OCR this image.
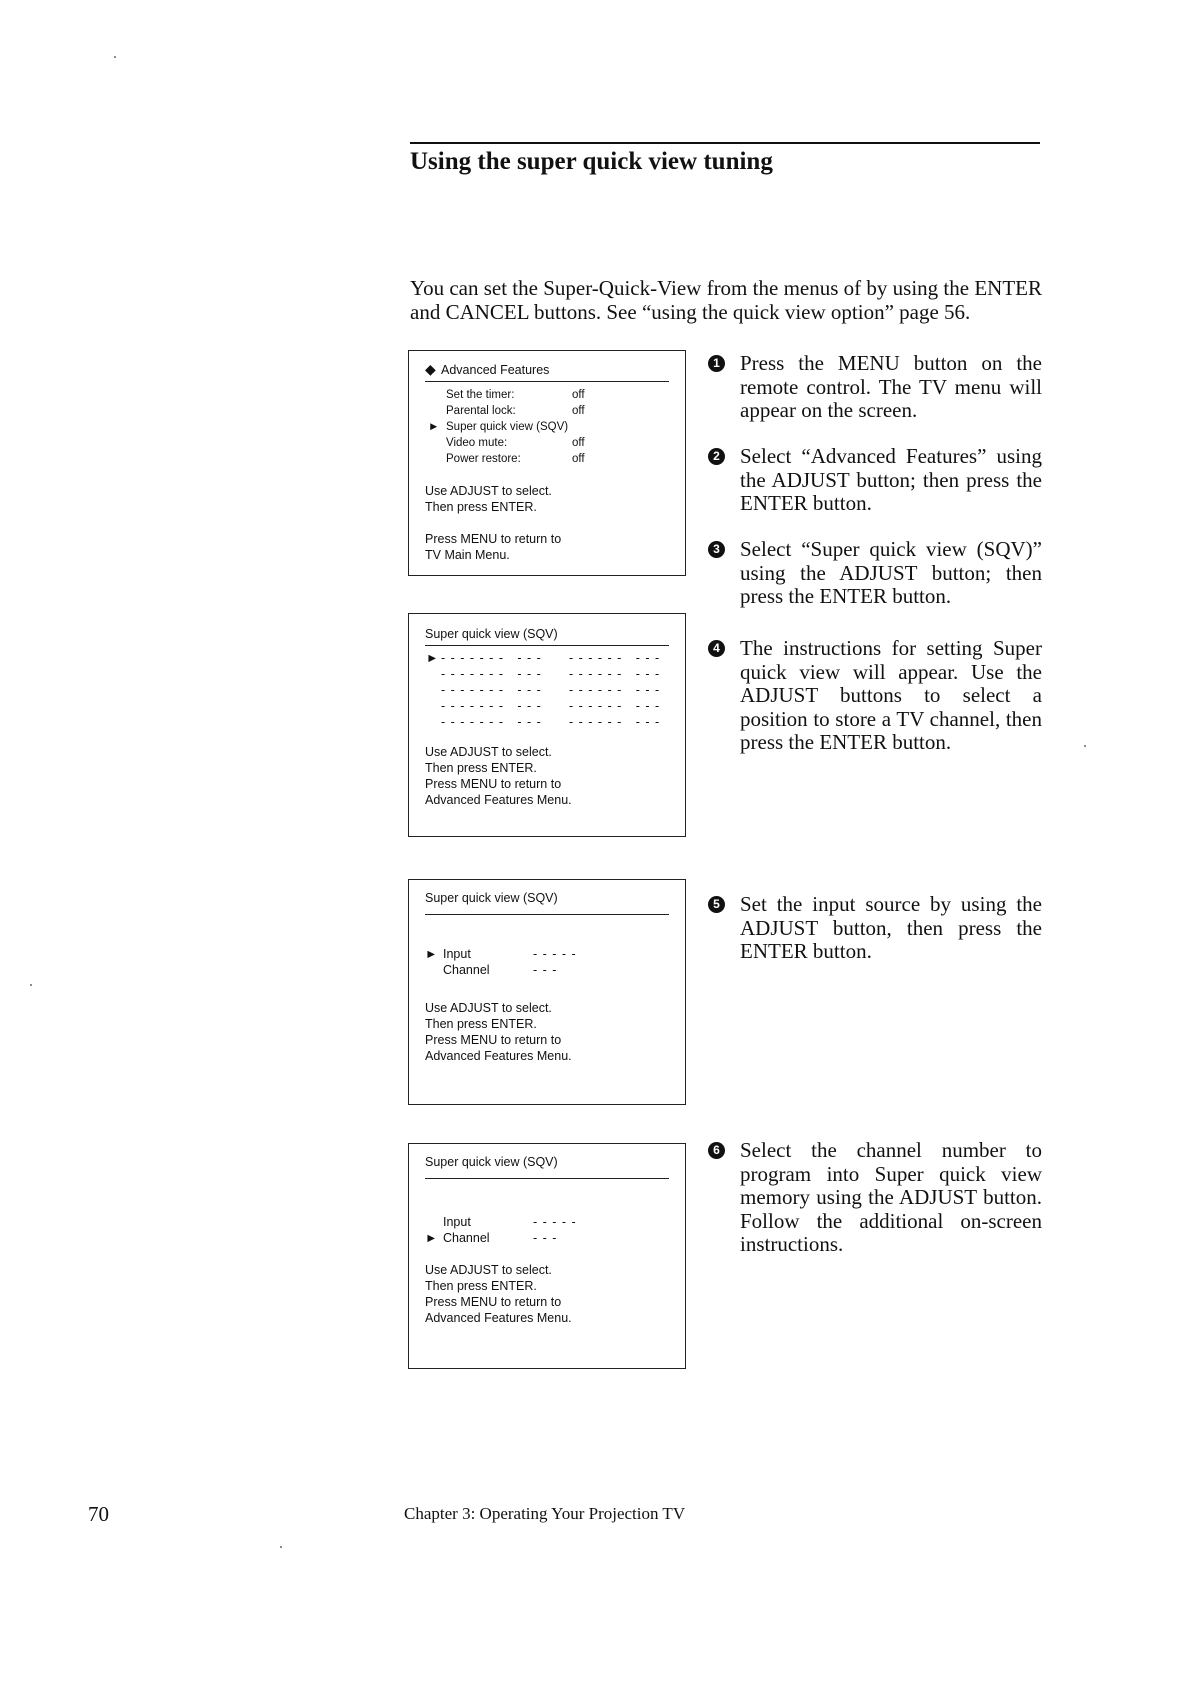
Using the super quick view tuning
You can set the Super-Quick-View from the menus of by using the ENTER and CANCEL buttons. See “using the quick view option” page 56.
◆ Advanced Features
Set the timer:	off
Parental lock:	off
► Super quick view (SQV)
Video mute:	off
Power restore:	off
Use ADJUST to select.
Then press ENTER.
Press MENU to return to
TV Main Menu.
Super quick view (SQV)
► - - - - - - -   - - - - - - - - -   - - -
- - - - - - -   - - - - - - - - -   - - -
- - - - - - -   - - - - - - - - -   - - -
- - - - - - -   - - - - - - - - -   - - -
- - - - - - -   - - - - - - - - -   - - -
Use ADJUST to select.
Then press ENTER.
Press MENU to return to
Advanced Features Menu.
Super quick view (SQV)
► Input	- - - - -
Channel	- - -
Use ADJUST to select.
Then press ENTER.
Press MENU to return to
Advanced Features Menu.
Super quick view (SQV)
Input	- - - - -
► Channel	- - -
Use ADJUST to select.
Then press ENTER.
Press MENU to return to
Advanced Features Menu.
1 Press the MENU button on the remote control. The TV menu will appear on the screen.
2 Select “Advanced Features” using the ADJUST button; then press the ENTER button.
3 Select “Super quick view (SQV)” using the ADJUST button; then press the ENTER button.
4 The instructions for setting Super quick view will appear. Use the ADJUST buttons to select a position to store a TV channel, then press the ENTER button.
5 Set the input source by using the ADJUST button, then press the ENTER button.
6 Select the channel number to program into Super quick view memory using the ADJUST button. Follow the additional on-screen instructions.
70	Chapter 3: Operating Your Projection TV
